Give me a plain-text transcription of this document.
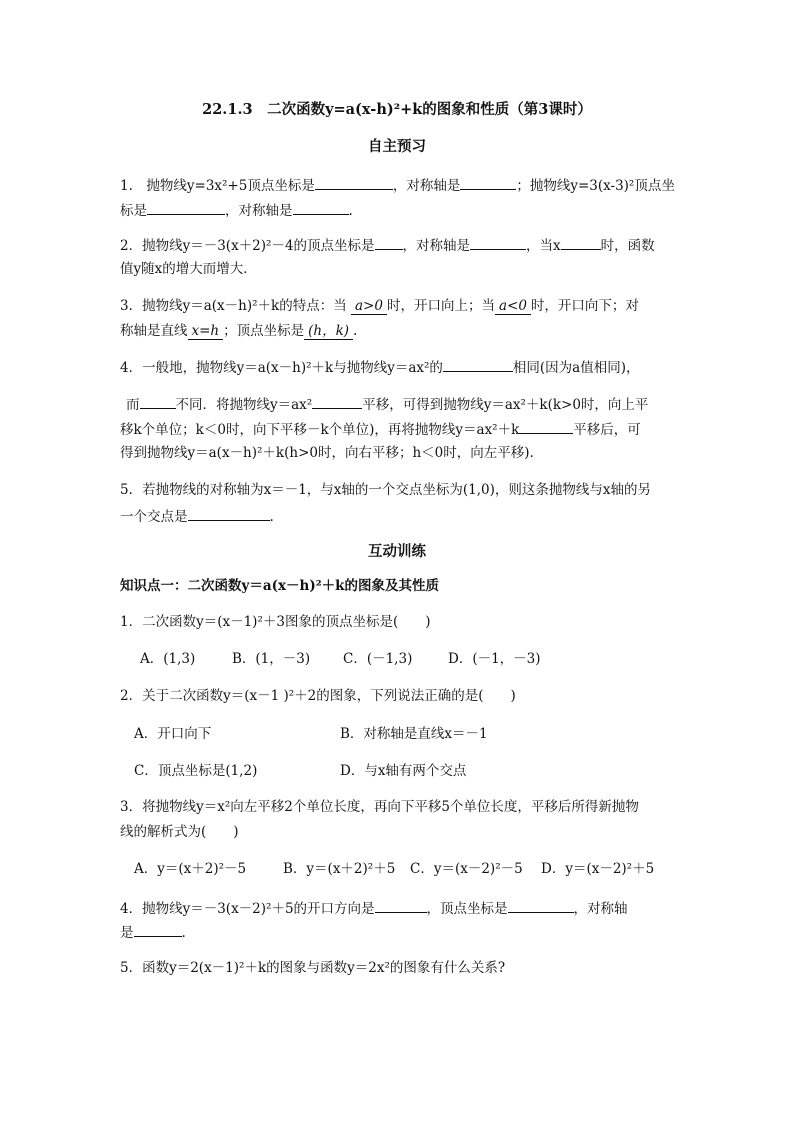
22.1.3　二次函数y=a(x-h)²+k的图象和性质（第3课时）
自主预习
1.　抛物线y=3x²+5顶点坐标是	，对称轴是	；抛物线y=3(x-3)²顶点坐
标是	，对称轴是	.
2．抛物线y＝－3(x＋2)²－4的顶点坐标是 ，对称轴是	，当x	时，函数
值y随x的增大而增大．
3．抛物线y＝a(x－h)²＋k的特点：当 a>0 时，开口向上；当 a<0 时，开口向下；对
称轴是直线 x=h ；顶点坐标是 (h，k) .
4．一般地，抛物线y＝a(x－h)²＋k与抛物线y＝ax²的	相同(因为a值相同)，
而	不同．将抛物线y＝ax²	平移，可得到抛物线y＝ax²＋k(k>0时，向上平
移k个单位；k＜0时，向下平移－k个单位)，再将抛物线y＝ax²＋k	平移后，可
得到抛物线y＝a(x－h)²＋k(h>0时，向右平移；h＜0时，向左平移).
5．若抛物线的对称轴为x＝－1，与x轴的一个交点坐标为(1,0)，则这条抛物线与x轴的另
一个交点是	.
互动训练
知识点一：二次函数y＝a(x－h)²＋k的图象及其性质
1．二次函数y＝(x－1)²＋3图象的顶点坐标是(　　)
A．(1,3)	B．(1，－3) C．(－1,3)	D．(－1，－3)
2．关于二次函数y＝(x－1 )²＋2的图象，下列说法正确的是(　　)
A．开口向下	B．对称轴是直线x＝－1
C．顶点坐标是(1,2)	D．与x轴有两个交点
3．将抛物线y＝x²向左平移2个单位长度，再向下平移5个单位长度，平移后所得新抛物
线的解析式为(　　)
A．y＝(x＋2)²－5	B．y＝(x＋2)²＋5 C．y＝(x－2)²－5 D．y＝(x－2)²＋5
4．抛物线y＝－3(x－2)²＋5的开口方向是	，顶点坐标是	，对称轴
是	.
5．函数y＝2(x－1)²＋k的图象与函数y＝2x²的图象有什么关系?
